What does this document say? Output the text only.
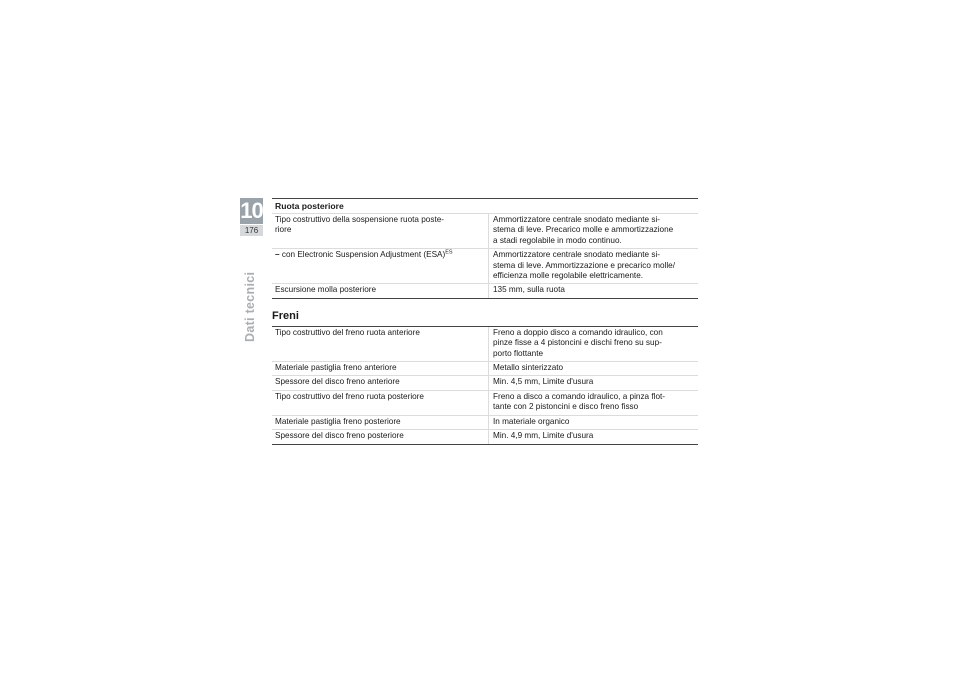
10
176
Dati tecnici
Ruota posteriore	
Tipo costruttivo della sospensione ruota poste-
riore	Ammortizzatore centrale snodato mediante si-
stema di leve. Precarico molle e ammortizzazione
a stadi regolabile in modo continuo.
– con Electronic Suspension Adjustment (ESA)$^{ES}$	Ammortizzatore centrale snodato mediante si-
stema di leve. Ammortizzazione e precarico molle/
efficienza molle regolabile elettricamente.
Escursione molla posteriore	135 mm, sulla ruota
Freni
Tipo costruttivo del freno ruota anteriore	Freno a doppio disco a comando idraulico, con
pinze fisse a 4 pistoncini e dischi freno su sup-
porto flottante
Materiale pastiglia freno anteriore	Metallo sinterizzato
Spessore del disco freno anteriore	Min. 4,5 mm, Limite d'usura
Tipo costruttivo del freno ruota posteriore	Freno a disco a comando idraulico, a pinza flot-
tante con 2 pistoncini e disco freno fisso
Materiale pastiglia freno posteriore	In materiale organico
Spessore del disco freno posteriore	Min. 4,9 mm, Limite d'usura
